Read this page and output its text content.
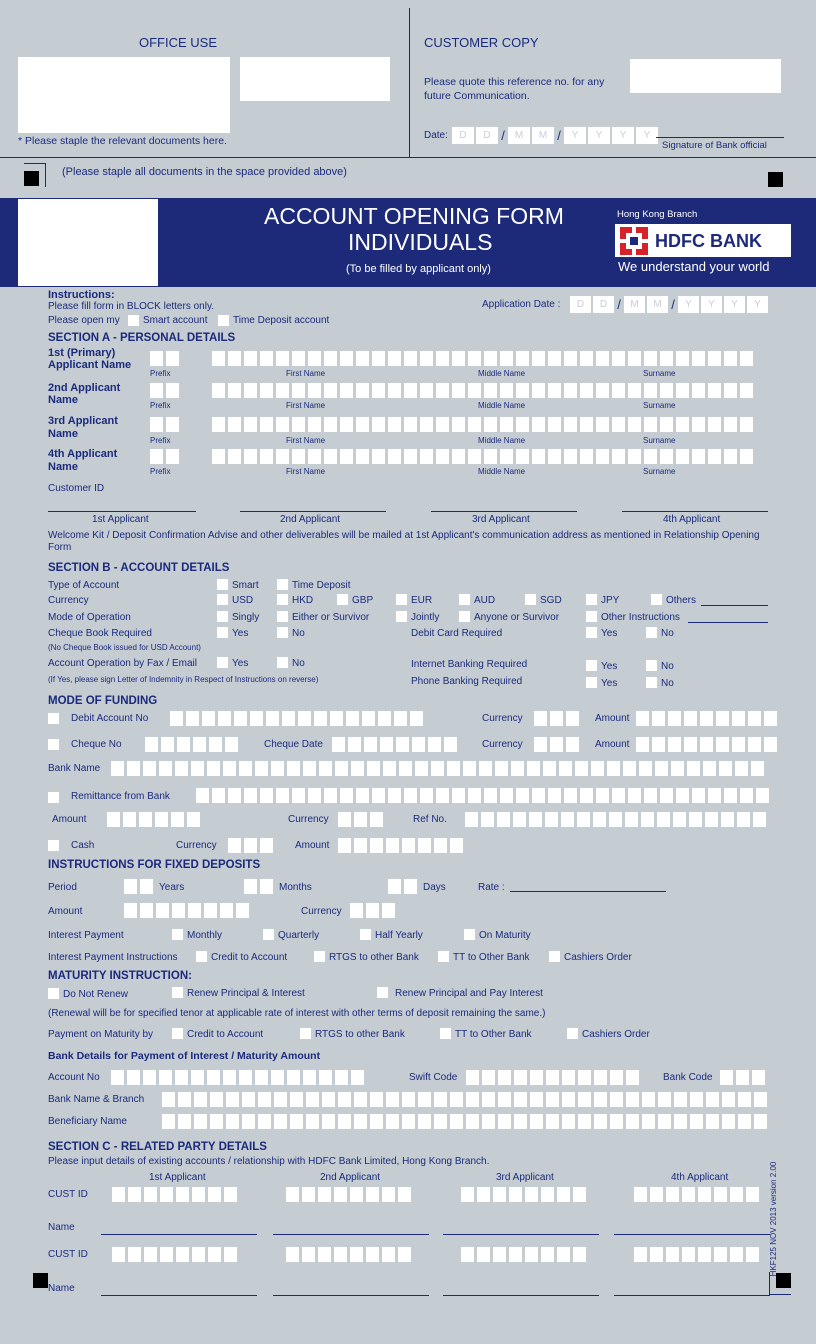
OFFICE USE
* Please staple the relevant documents here.
CUSTOMER COPY
Please quote this reference no. for any future Communication.
Date:	D	D /	M	M /	Y	Y	Y	Y
Signature of Bank official
(Please staple all documents in the space provided above)
ACCOUNT OPENING FORM
INDIVIDUALS
(To be filled by applicant only)
Hong Kong Branch
HDFC BANK
We understand your world
Instructions:
Please fill form in BLOCK letters only.
Please open my Smart account	Time Deposit account
Application Date :	D	D / M	M /	Y	Y	Y	Y
SECTION A - PERSONAL DETAILS
1st (Primary)
Applicant Name
Prefix	First Name	Middle Name	Surname
2nd Applicant
Name	Prefix	First Name	Middle Name	Surname
3rd Applicant
Name
Prefix	First Name	Middle Name	Surname
4th Applicant
Name	Prefix	First Name	Middle Name	Surname
Customer ID
1st Applicant	2nd Applicant	3rd Applicant	4th Applicant
Welcome Kit / Deposit Confirmation Advise and other deliverables will be mailed at 1st Applicant's communication address as mentioned in Relationship Opening Form
SECTION B - ACCOUNT DETAILS
Type of Account	Smart	Time Deposit
Currency	USD	HKD	GBP	EUR	AUD	SGD	JPY	Others
Mode of Operation	Singly	Either or Survivor	Jointly	Anyone or Survivor	Other Instructions
Cheque Book Required	Yes	No
(No Cheque Book issued for USD Account)
Debit Card Required	Yes	No
Account Operation by Fax / Email	Yes	No
(If Yes, please sign Letter of Indemnity in Respect of Instructions on reverse)
Internet Banking Required	Yes	No
Phone Banking Required	Yes	No
MODE OF FUNDING
Debit Account No	Currency	Amount
Cheque No	Cheque Date	Currency	Amount
Bank Name
Remittance from Bank
Amount	Currency	Ref No.
Cash	Currency	Amount
INSTRUCTIONS FOR FIXED DEPOSITS
Period	Years	Months	Days	Rate :
Amount	Currency
Interest Payment	Monthly	Quarterly	Half Yearly	On Maturity
Interest Payment Instructions	Credit to Account	RTGS to other Bank	TT to Other Bank	Cashiers Order
MATURITY INSTRUCTION:
Do Not Renew	Renew Principal & Interest	Renew Principal and Pay Interest
(Renewal will be for specified tenor at applicable rate of interest with other terms of deposit remaining the same.)
Payment on Maturity by	Credit to Account	RTGS to other Bank	TT to Other Bank	Cashiers Order
Bank Details for Payment of Interest / Maturity Amount
Account No	Swift Code	Bank Code
Bank Name & Branch
Beneficiary Name
SECTION C - RELATED PARTY DETAILS
Please input details of existing accounts / relationship with HDFC Bank Limited, Hong Kong Branch.
1st Applicant	2nd Applicant	3rd Applicant	4th Applicant
CUST ID
Name
CUST ID
Name
HKF125 NOV 2013 version 2.00
